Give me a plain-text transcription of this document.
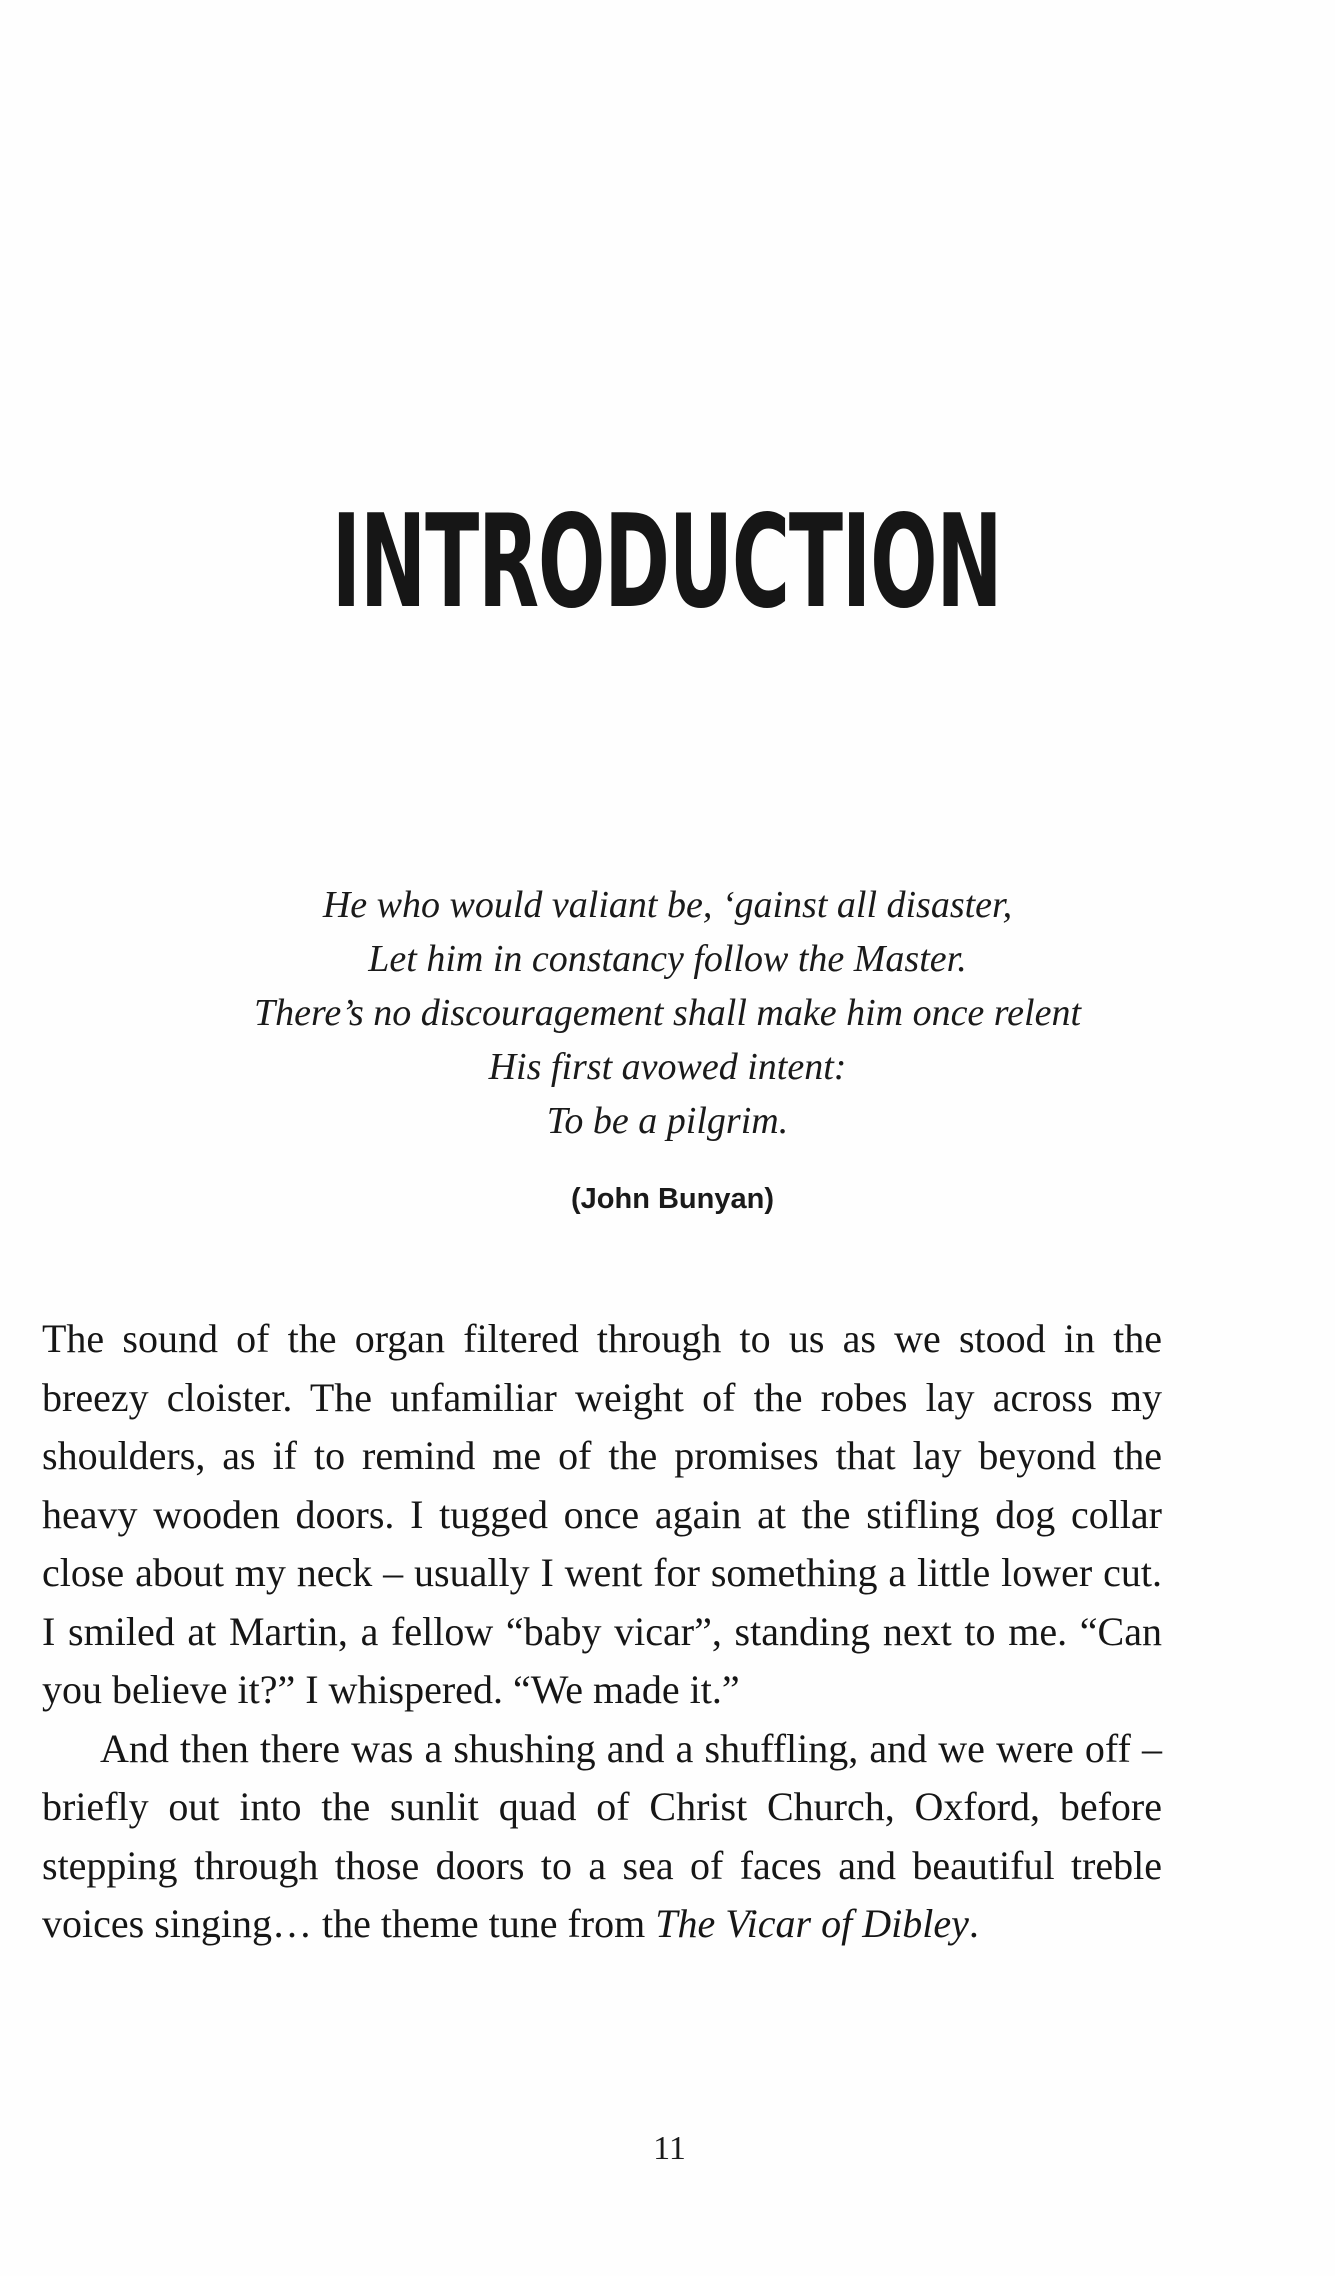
INTRODUCTION
He who would valiant be, ‘gainst all disaster,
Let him in constancy follow the Master.
There’s no discouragement shall make him once relent
His first avowed intent:
To be a pilgrim.
(John Bunyan)

The sound of the organ filtered through to us as we stood in the breezy cloister. The unfamiliar weight of the robes lay across my shoulders, as if to remind me of the promises that lay beyond the heavy wooden doors. I tugged once again at the stifling dog collar close about my neck – usually I went for something a little lower cut. I smiled at Martin, a fellow “baby vicar”, standing next to me. “Can you believe it?” I whispered. “We made it.”

And then there was a shushing and a shuffling, and we were off – briefly out into the sunlit quad of Christ Church, Oxford, before stepping through those doors to a sea of faces and beautiful treble voices singing… the theme tune from The Vicar of Dibley.

11
